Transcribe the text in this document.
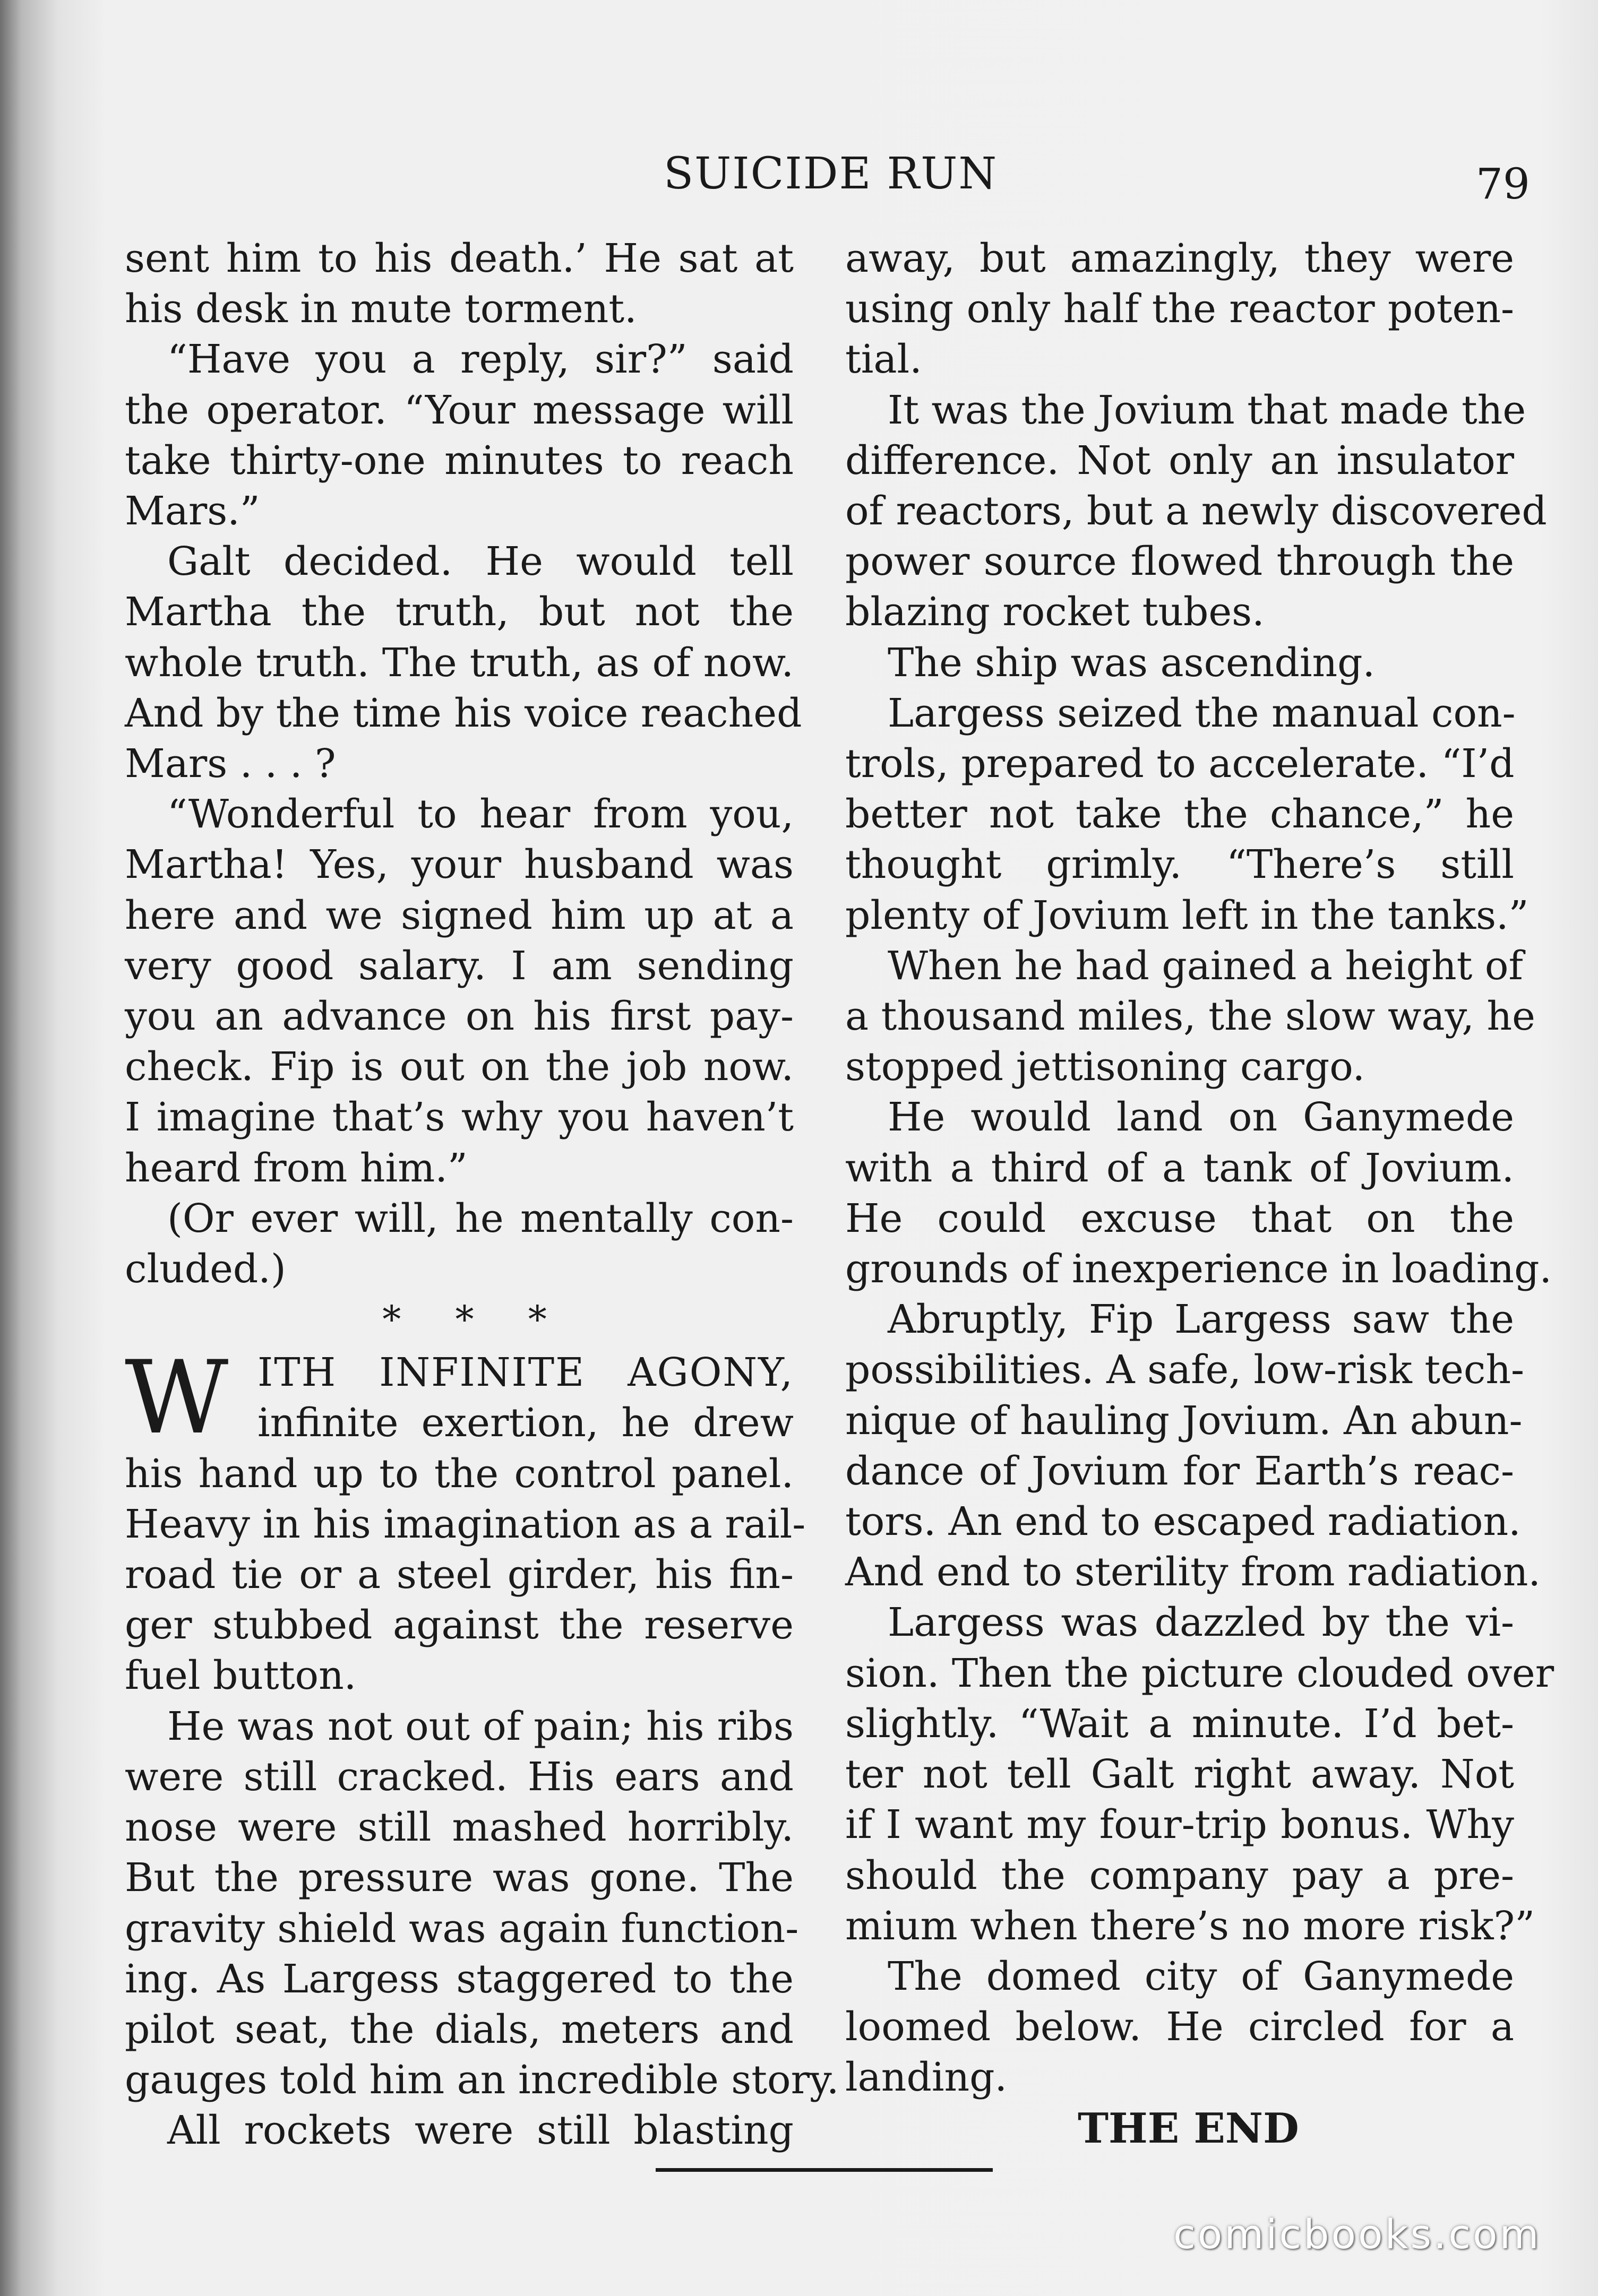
SUICIDE RUN	79
sent him to his death.’ He sat at
his desk in mute torment.
“Have you a reply, sir?” said
the operator. “Your message will
take thirty-one minutes to reach
Mars.”
Galt decided. He would tell
Martha the truth, but not the
whole truth. The truth, as of now.
And by the time his voice reached
Mars . . . ?
“Wonderful to hear from you,
Martha! Yes, your husband was
here and we signed him up at a
very good salary. I am sending
you an advance on his first pay-
check. Fip is out on the job now.
I imagine that’s why you haven’t
heard from him.”
(Or ever will, he mentally con-
cluded.)
* * *
W ITH INFINITE AGONY,
infinite exertion, he drew
his hand up to the control panel.
Heavy in his imagination as a rail-
road tie or a steel girder, his fin-
ger stubbed against the reserve
fuel button.
He was not out of pain; his ribs
were still cracked. His ears and
nose were still mashed horribly.
But the pressure was gone. The
gravity shield was again function-
ing. As Largess staggered to the
pilot seat, the dials, meters and
gauges told him an incredible story.
All rockets were still blasting
away, but amazingly, they were
using only half the reactor poten-
tial.
It was the Jovium that made the
difference. Not only an insulator
of reactors, but a newly discovered
power source flowed through the
blazing rocket tubes.
The ship was ascending.
Largess seized the manual con-
trols, prepared to accelerate. “I’d
better not take the chance,” he
thought grimly. “There’s still
plenty of Jovium left in the tanks.”
When he had gained a height of
a thousand miles, the slow way, he
stopped jettisoning cargo.
He would land on Ganymede
with a third of a tank of Jovium.
He could excuse that on the
grounds of inexperience in loading.
Abruptly, Fip Largess saw the
possibilities. A safe, low-risk tech-
nique of hauling Jovium. An abun-
dance of Jovium for Earth’s reac-
tors. An end to escaped radiation.
And end to sterility from radiation.
Largess was dazzled by the vi-
sion. Then the picture clouded over
slightly. “Wait a minute. I’d bet-
ter not tell Galt right away. Not
if I want my four-trip bonus. Why
should the company pay a pre-
mium when there’s no more risk?”
The domed city of Ganymede
loomed below. He circled for a
landing.
THE END
comicbooks.com
